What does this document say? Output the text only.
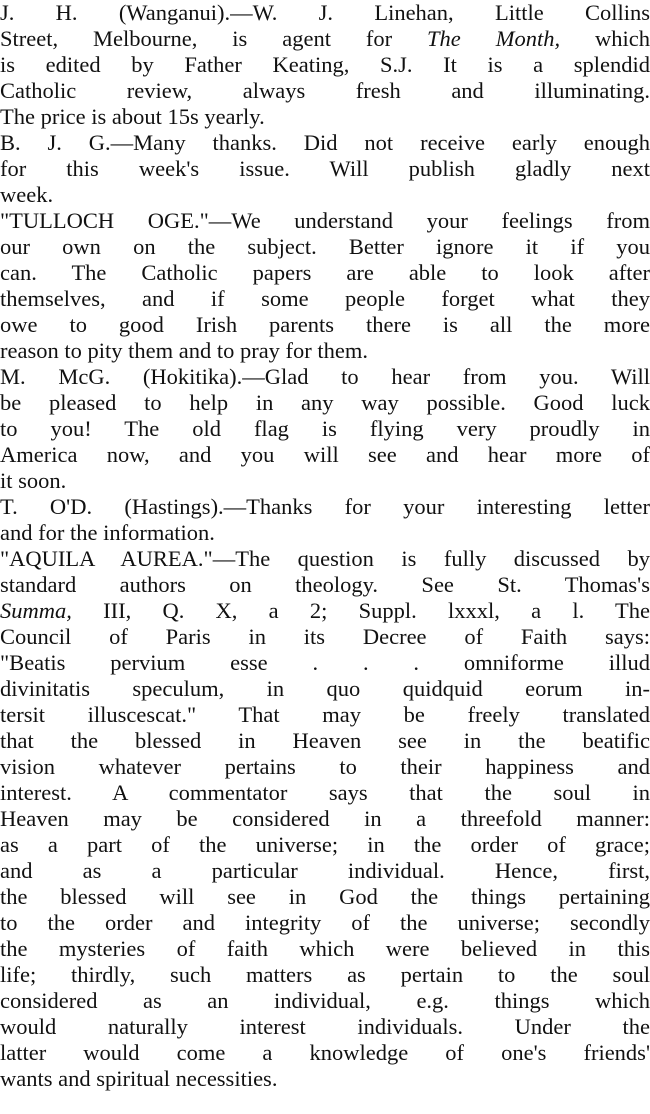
J. H. (Wanganui).—W. J. Linehan, Little Collins
Street, Melbourne, is agent for The Month, which
is edited by Father Keating, S.J. It is a splendid
Catholic review, always fresh and illuminating.
The price is about 15s yearly.
B. J. G.—Many thanks. Did not receive early enough
for this week's issue. Will publish gladly next
week.
"TULLOCH OGE."—We understand your feelings from
our own on the subject. Better ignore it if you
can. The Catholic papers are able to look after
themselves, and if some people forget what they
owe to good Irish parents there is all the more
reason to pity them and to pray for them.
M. McG. (Hokitika).—Glad to hear from you. Will
be pleased to help in any way possible. Good luck
to you! The old flag is flying very proudly in
America now, and you will see and hear more of
it soon.
T. O'D. (Hastings).—Thanks for your interesting letter
and for the information.
"AQUILA AUREA."—The question is fully discussed by
standard authors on theology. See St. Thomas's
Summa, III, Q. X, a 2; Suppl. lxxxl, a l. The
Council of Paris in its Decree of Faith says:
"Beatis pervium esse . . . omniforme illud
divinitatis speculum, in quo quidquid eorum in-
tersit illuscescat." That may be freely translated
that the blessed in Heaven see in the beatific
vision whatever pertains to their happiness and
interest. A commentator says that the soul in
Heaven may be considered in a threefold manner:
as a part of the universe; in the order of grace;
and as a particular individual. Hence, first,
the blessed will see in God the things pertaining
to the order and integrity of the universe; secondly
the mysteries of faith which were believed in this
life; thirdly, such matters as pertain to the soul
considered as an individual, e.g. things which
would naturally interest individuals. Under the
latter would come a knowledge of one's friends'
wants and spiritual necessities.
